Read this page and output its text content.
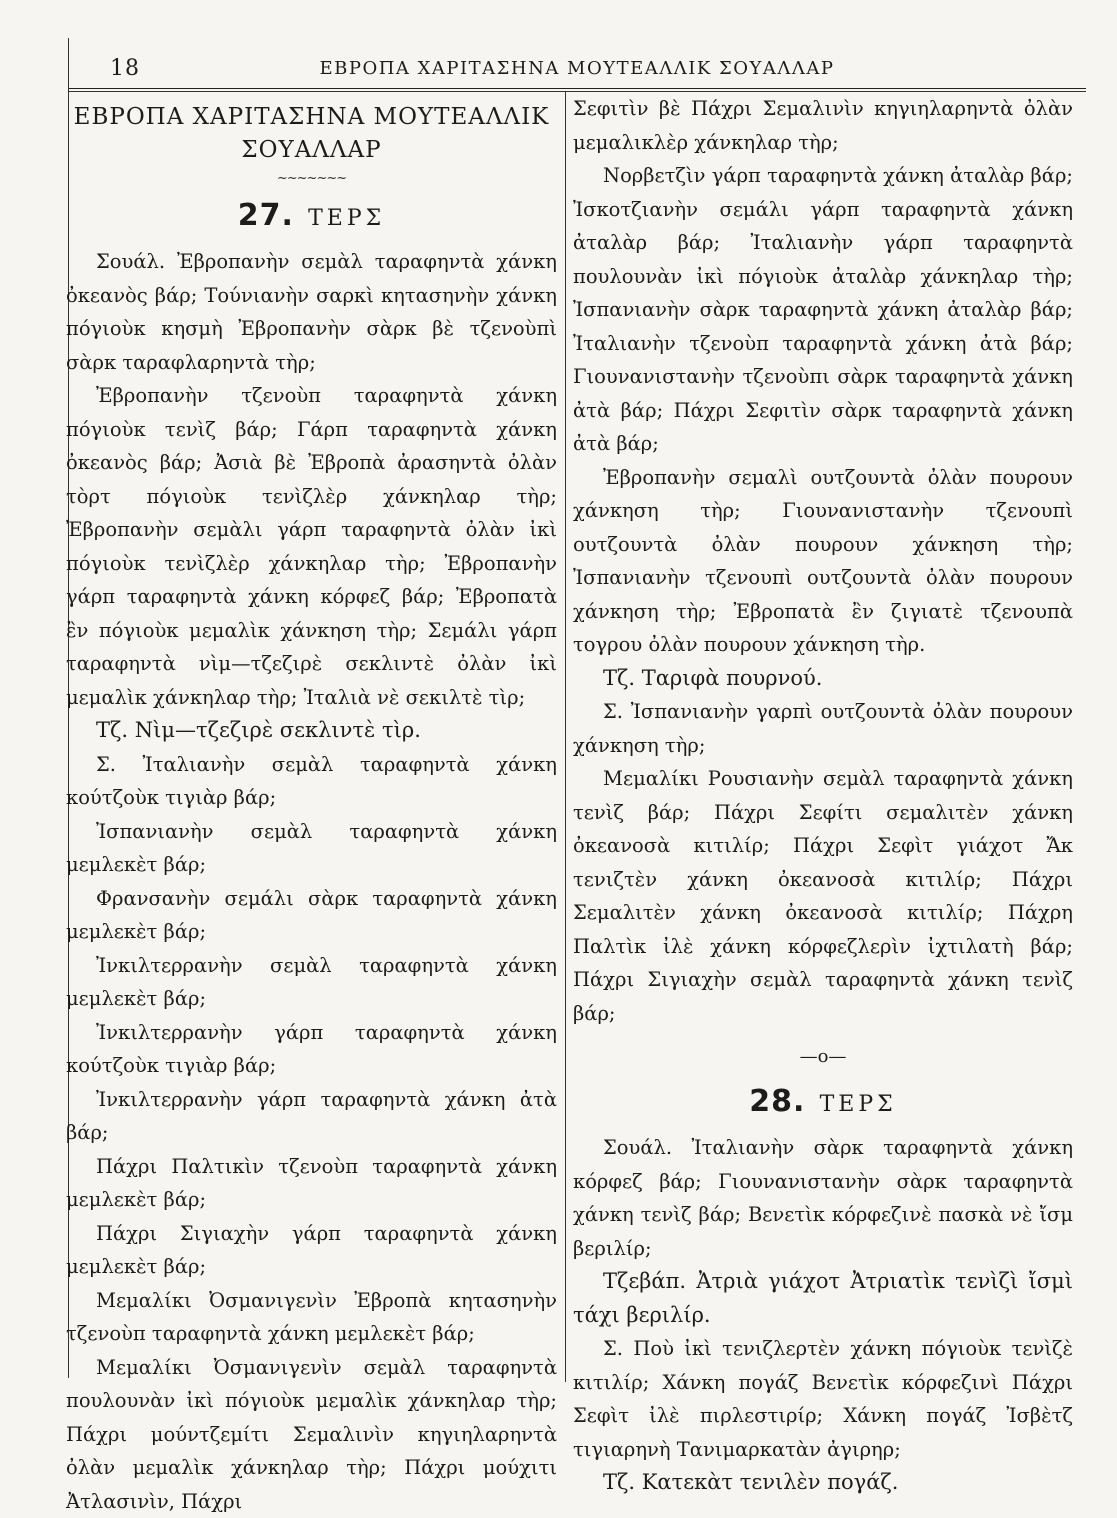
18	ΕΒΡΟΠΑ ΧΑΡΙΤΑΣΗΝΑ ΜΟΥΤΕΑΛΛΙΚ ΣΟΥΑΛΛΑΡ
ΕΒΡΟΠΑ ΧΑΡΙΤΑΣΗΝΑ ΜΟΥΤΕΑΛΛΙΚ
ΣΟΥΑΛΛΑΡ
~~~~~~~
27. ΤΕΡΣ

Σουάλ. Ἐβροπανὴν σεμὰλ ταραφηντὰ χάνκη ὀκεανὸς βάρ; Τούνιανὴν σαρκὶ κητασηνὴν χάνκη πόγιοὺκ κησμὴ Ἐβροπανὴν σὰρκ βὲ τζενοὺπὶ σὰρκ ταραφλαρηντὰ τὴρ;

Ἐβροπανὴν τζενοὺπ ταραφηντὰ χάνκη πόγιοὺκ τενὶζ βάρ; Γάρπ ταραφηντὰ χάνκη ὀκεανὸς βάρ; Ἀσιὰ βὲ Ἐβροπὰ ἀρασηντὰ ὀλὰν τὸρτ πόγιοὺκ τενὶζλὲρ χάνκηλαρ τὴρ; Ἐβροπανὴν σεμὰλι γάρπ ταραφηντὰ ὀλὰν ἰκὶ πόγιοὺκ τενὶζλὲρ χάνκηλαρ τὴρ; Ἐβροπανὴν γάρπ ταραφηντὰ χάνκη κόρφεζ βάρ; Ἐβροπατὰ ἒν πόγιοὺκ μεμαλὶκ χάνκηση τὴρ; Σεμάλι γάρπ ταραφηντὰ νὶμ—τζεζιρὲ σεκλιντὲ ὀλὰν ἰκὶ μεμαλὶκ χάνκηλαρ τὴρ; Ἰταλιὰ νὲ σεκιλτὲ τὶρ;

Τζ. Νὶμ—τζεζιρὲ σεκλιντὲ τὶρ.

Σ. Ἰταλιανὴν σεμὰλ ταραφηντὰ χάνκη κούτζοὺκ τιγιὰρ βάρ;

Ἰσπανιανὴν σεμὰλ ταραφηντὰ χάνκη μεμλεκὲτ βάρ;

Φρανσανὴν σεμάλι σὰρκ ταραφηντὰ χάνκη μεμλεκὲτ βάρ;

Ἰνκιλτερρανὴν σεμὰλ ταραφηντὰ χάνκη μεμλεκὲτ βάρ;

Ἰνκιλτερρανὴν γάρπ ταραφηντὰ χάνκη κούτζοὺκ τιγιὰρ βάρ;

Ἰνκιλτερρανὴν γάρπ ταραφηντὰ χάνκη ἀτὰ βάρ;

Πάχρι Παλτικὶν τζενοὺπ ταραφηντὰ χάνκη μεμλεκὲτ βάρ;

Πάχρι Σιγιαχὴν γάρπ ταραφηντὰ χάνκη μεμλεκὲτ βάρ;

Μεμαλίκι Ὀσμανιγενὶν Ἐβροπὰ κητασηνὴν τζενοὺπ ταραφηντὰ χάνκη μεμλεκὲτ βάρ;

Μεμαλίκι Ὀσμανιγενὶν σεμὰλ ταραφηντὰ πουλουνὰν ἰκὶ πόγιοὺκ μεμαλὶκ χάνκηλαρ τὴρ; Πάχρι μούντζεμίτι Σεμαλινὶν κηγιηλαρηντὰ ὀλὰν μεμαλὶκ χάνκηλαρ τὴρ; Πάχρι μούχιτι Ἀτλασινὶν, Πάχρι

Σεφιτὶν βὲ Πάχρι Σεμαλινὶν κηγιηλαρηντὰ ὀλὰν μεμαλικλὲρ χάνκηλαρ τὴρ;

Νορβετζὶν γάρπ ταραφηντὰ χάνκη ἀταλὰρ βάρ; Ἰσκοτζιανὴν σεμάλι γάρπ ταραφηντὰ χάνκη ἀταλὰρ βάρ; Ἰταλιανὴν γάρπ ταραφηντὰ πουλουνὰν ἰκὶ πόγιοὺκ ἀταλὰρ χάνκηλαρ τὴρ; Ἰσπανιανὴν σὰρκ ταραφηντὰ χάνκη ἀταλὰρ βάρ; Ἰταλιανὴν τζενοὺπ ταραφηντὰ χάνκη ἀτὰ βάρ; Γιουνανιστανὴν τζενοὺπι σὰρκ ταραφηντὰ χάνκη ἀτὰ βάρ; Πάχρι Σεφιτὶν σὰρκ ταραφηντὰ χάνκη ἀτὰ βάρ;

Ἐβροπανὴν σεμαλὶ ουτζουντὰ ὀλὰν πουρουν χάνκηση τὴρ; Γιουνανιστανὴν τζενουπὶ ουτζουντὰ ὀλὰν πουρουν χάνκηση τὴρ; Ἰσπανιανὴν τζενουπὶ ουτζουντὰ ὀλὰν πουρουν χάνκηση τὴρ; Ἐβροπατὰ ἒν ζιγιατὲ τζενουπὰ τογρου ὀλὰν πουρουν χάνκηση τὴρ.

Τζ. Ταριφὰ πουρνού.

Σ. Ἰσπανιανὴν γαρπὶ ουτζουντὰ ὀλὰν πουρουν χάνκηση τὴρ;

Μεμαλίκι Ρουσιανὴν σεμὰλ ταραφηντὰ χάνκη τενὶζ βάρ; Πάχρι Σεφίτι σεμαλιτὲν χάνκη ὀκεανοσὰ κιτιλίρ; Πάχρι Σεφὶτ γιάχοτ Ἄκ τενιζτὲν χάνκη ὀκεανοσὰ κιτιλίρ; Πάχρι Σεμαλιτὲν χάνκη ὀκεανοσὰ κιτιλίρ; Πάχρη Παλτὶκ ἰλὲ χάνκη κόρφεζλερὶν ἰχτιλατὴ βάρ; Πάχρι Σιγιαχὴν σεμὰλ ταραφηντὰ χάνκη τενὶζ βάρ;

—o—
28. ΤΕΡΣ

Σουάλ. Ἰταλιανὴν σὰρκ ταραφηντὰ χάνκη κόρφεζ βάρ; Γιουνανιστανὴν σὰρκ ταραφηντὰ χάνκη τενὶζ βάρ; Βενετὶκ κόρφεζινὲ πασκὰ νὲ ἴσμ βεριλίρ;

Τζεβάπ. Ἀτριὰ γιάχοτ Ἀτριατὶκ τενὶζὶ ἴσμὶ τάχι βεριλίρ.

Σ. Ποὺ ἰκὶ τενιζλερτὲν χάνκη πόγιοὺκ τενὶζὲ κιτιλίρ; Χάνκη πογάζ Βενετὶκ κόρφεζινὶ Πάχρι Σεφὶτ ἰλὲ πιρλεστιρίρ; Χάνκη πογάζ Ἰσβὲτζ τιγιαρηνὴ Τανιμαρκατὰν ἀγιρηρ;

Τζ. Κατεκὰτ τενιλὲν πογάζ.
